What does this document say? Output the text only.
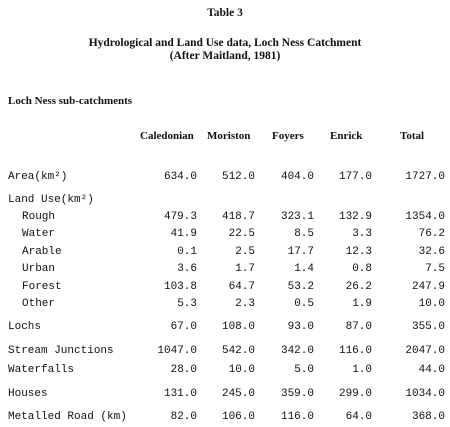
Table 3
Hydrological and Land Use data, Loch Ness Catchment
(After Maitland, 1981)
Loch Ness sub-catchments
Caledonian Moriston Foyers Enrick	Total
Area(km²)	634.0 512.0 404.0 177.0	1727.0
Land Use(km²)
Rough	479.3 418.7 323.1 132.9	1354.0
Water	41.9	22.5	8.5	3.3	76.2
Arable	0.1	2.5	17.7	12.3	32.6
Urban	3.6	1.7	1.4	0.8	7.5
Forest	103.8	64.7	53.2	26.2	247.9
Other	5.3	2.3	0.5	1.9	10.0
Lochs	67.0 108.0	93.0	87.0	355.0
Stream Junctions	1047.0 542.0 342.0 116.0	2047.0
Waterfalls	28.0	10.0	5.0	1.0	44.0
Houses	131.0 245.0 359.0 299.0	1034.0
Metalled Road (km)	82.0 106.0 116.0	64.0	368.0
